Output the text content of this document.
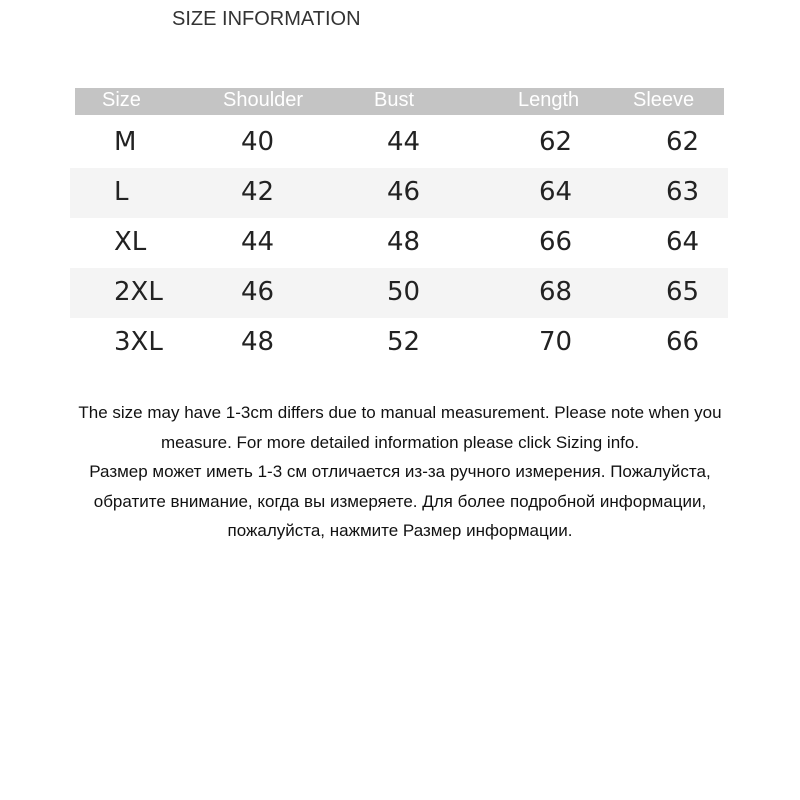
SIZE INFORMATION
Size	Shoulder	Bust	Length	Sleeve
M	40	44	62	62
L	42	46	64	63
XL	44	48	66	64
2XL	46	50	68	65
3XL	48	52	70	66
The size may have 1-3cm differs due to manual measurement. Please note when you
measure. For more detailed information please click Sizing info.
Размер может иметь 1-3 см отличается из-за ручного измерения. Пожалуйста,
обратите внимание, когда вы измеряете. Для более подробной информации,
пожалуйста, нажмите Размер информации.
